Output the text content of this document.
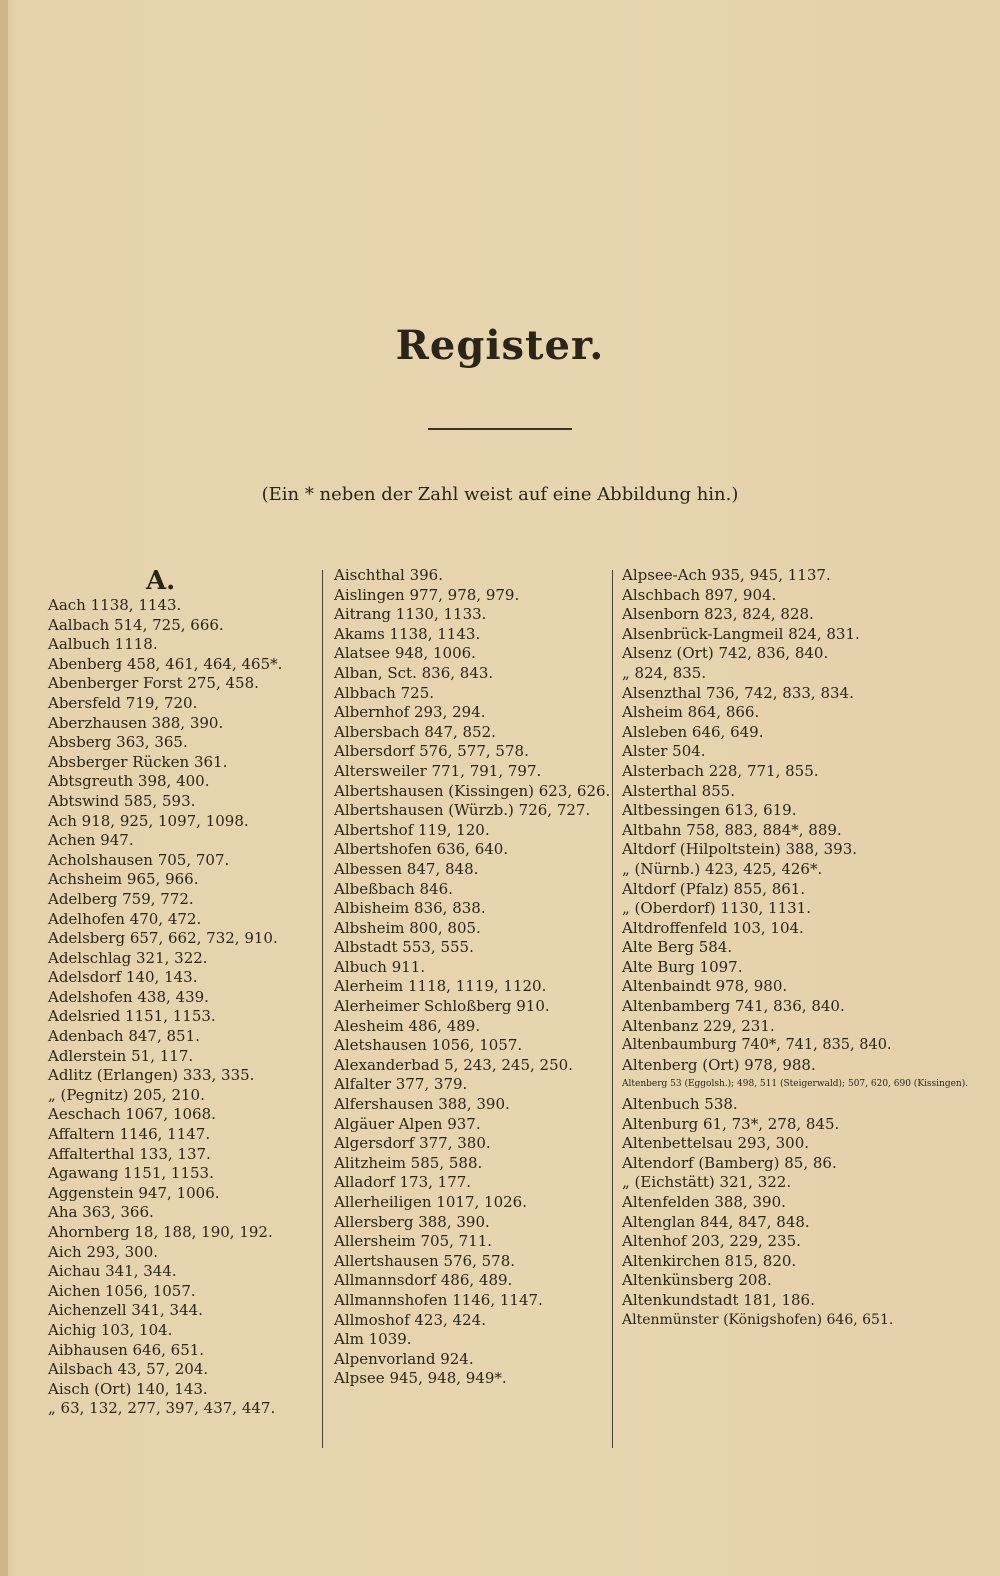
Register.
(Ein * neben der Zahl weist auf eine Abbildung hin.)
A.
Aach 1138, 1143.
Aalbach 514, 725, 666.
Aalbuch 1118.
Abenberg 458, 461, 464, 465*.
Abenberger Forst 275, 458.
Abersfeld 719, 720.
Aberzhausen 388, 390.
Absberg 363, 365.
Absberger Rücken 361.
Abtsgreuth 398, 400.
Abtswind 585, 593.
Ach 918, 925, 1097, 1098.
Achen 947.
Acholshausen 705, 707.
Achsheim 965, 966.
Adelberg 759, 772.
Adelhofen 470, 472.
Adelsberg 657, 662, 732, 910.
Adelschlag 321, 322.
Adelsdorf 140, 143.
Adelshofen 438, 439.
Adelsried 1151, 1153.
Adenbach 847, 851.
Adlerstein 51, 117.
Adlitz (Erlangen) 333, 335.
„ (Pegnitz) 205, 210.
Aeschach 1067, 1068.
Affaltern 1146, 1147.
Affalterthal 133, 137.
Agawang 1151, 1153.
Aggenstein 947, 1006.
Aha 363, 366.
Ahornberg 18, 188, 190, 192.
Aich 293, 300.
Aichau 341, 344.
Aichen 1056, 1057.
Aichenzell 341, 344.
Aichig 103, 104.
Aibhausen 646, 651.
Ailsbach 43, 57, 204.
Aisch (Ort) 140, 143.
„ 63, 132, 277, 397, 437, 447.
Aischthal 396.
Aislingen 977, 978, 979.
Aitrang 1130, 1133.
Akams 1138, 1143.
Alatsee 948, 1006.
Alban, Sct. 836, 843.
Albbach 725.
Albernhof 293, 294.
Albersbach 847, 852.
Albersdorf 576, 577, 578.
Altersweiler 771, 791, 797.
Albertshausen (Kissingen) 623, 626.
Albertshausen (Würzb.) 726, 727.
Albertshof 119, 120.
Albertshofen 636, 640.
Albessen 847, 848.
Albeßbach 846.
Albisheim 836, 838.
Albsheim 800, 805.
Albstadt 553, 555.
Albuch 911.
Alerheim 1118, 1119, 1120.
Alerheimer Schloßberg 910.
Alesheim 486, 489.
Aletshausen 1056, 1057.
Alexanderbad 5, 243, 245, 250.
Alfalter 377, 379.
Alfershausen 388, 390.
Algäuer Alpen 937.
Algersdorf 377, 380.
Alitzheim 585, 588.
Alladorf 173, 177.
Allerheiligen 1017, 1026.
Allersberg 388, 390.
Allersheim 705, 711.
Allertshausen 576, 578.
Allmannsdorf 486, 489.
Allmannshofen 1146, 1147.
Allmoshof 423, 424.
Alm 1039.
Alpenvorland 924.
Alpsee 945, 948, 949*.
Alpsee-Ach 935, 945, 1137.
Alschbach 897, 904.
Alsenborn 823, 824, 828.
Alsenbrück-Langmeil 824, 831.
Alsenz (Ort) 742, 836, 840.
„ 824, 835.
Alsenzthal 736, 742, 833, 834.
Alsheim 864, 866.
Alsleben 646, 649.
Alster 504.
Alsterbach 228, 771, 855.
Alsterthal 855.
Altbessingen 613, 619.
Altbahn 758, 883, 884*, 889.
Altdorf (Hilpoltstein) 388, 393.
„ (Nürnb.) 423, 425, 426*.
Altdorf (Pfalz) 855, 861.
„ (Oberdorf) 1130, 1131.
Altdroffenfeld 103, 104.
Alte Berg 584.
Alte Burg 1097.
Altenbaindt 978, 980.
Altenbamberg 741, 836, 840.
Altenbanz 229, 231.
Altenbaumburg 740*, 741, 835, 840.
Altenberg (Ort) 978, 988.
Altenberg 53 (Eggolsh.); 498, 511 (Steigerwald); 507, 620, 690 (Kissingen).
Altenbuch 538.
Altenburg 61, 73*, 278, 845.
Altenbettelsau 293, 300.
Altendorf (Bamberg) 85, 86.
„ (Eichstätt) 321, 322.
Altenfelden 388, 390.
Altenglan 844, 847, 848.
Altenhof 203, 229, 235.
Altenkirchen 815, 820.
Altenkünsberg 208.
Altenkundstadt 181, 186.
Altenmünster (Königshofen) 646, 651.
